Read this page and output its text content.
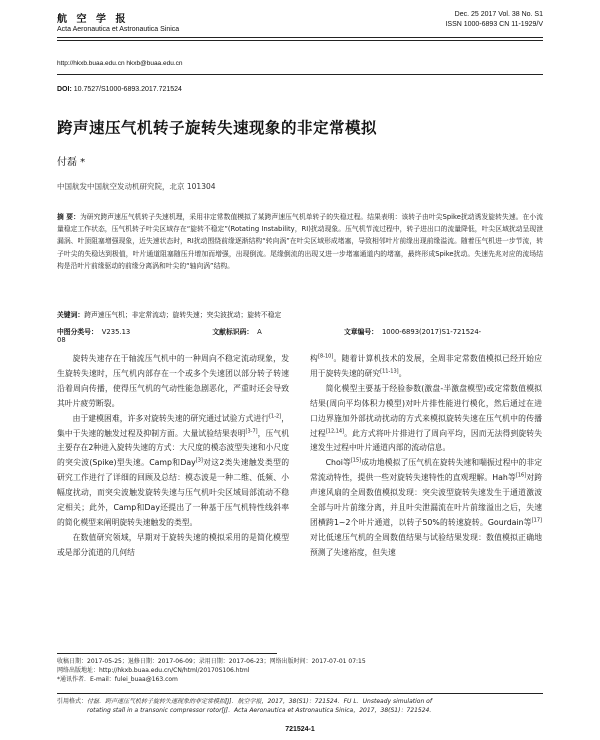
航 空 学 报
Acta Aeronautica et Astronautica Sinica
Dec. 25 2017 Vol. 38 No. S1
ISSN 1000-6893 CN 11-1929/V
http://hkxb.buaa.edu.cn hkxb@buaa.edu.cn
DOI: 10.7527/S1000-6893.2017.721524
跨声速压气机转子旋转失速现象的非定常模拟
付磊 *
中国航发中国航空发动机研究院，北京 101304
摘 要：为研究跨声速压气机转子失速机理，采用非定常数值模拟了某跨声速压气机单转子的失稳过程。结果表明：该转子由叶尖Spike扰动诱发旋转失速。在小流量稳定工作状态，压气机转子叶尖区域存在“旋转不稳定”(Rotating Instability，RI)扰动现象。压气机节流过程中，转子进出口的流量降低，叶尖区域扰动呈现泄漏涡、叶顶阻塞增强现象，近失速状态时，RI扰动围绕前缘逐渐结构“转向涡”在叶尖区域形成堵塞，导致相邻叶片前缘出现前缘溢流。随着压气机进一步节流，转子叶尖的失稳达到极值，叶片通道阻塞随压升增加而增强，出现倒流。尾缘倒流的出现又进一步堵塞通道内的堵塞，最终形成Spike扰动。失速先兆对应的流场结构是沿叶片前缘驱动的前缘分离涡和叶尖的“轴向涡”结构。
关键词：跨声速压气机；非定常流动；旋转失速；突尖波扰动；旋转不稳定
中图分类号： V235.13	文献标识码： A	文章编号： 1000-6893(2017)S1-721524-08

旋转失速存在于轴流压气机中的一种周向不稳定流动现象，发生旋转失速时，压气机内部存在一个或多个失速团以部分转子转速沿着周向传播，使得压气机的气动性能急剧恶化，严重时还会导致其叶片疲劳断裂。

由于建模困难，许多对旋转失速的研究通过试验方式进行[1-2]，集中于失速的触发过程及抑制方面。大量试验结果表明[3-7]，压气机主要存在2种进入旋转失速的方式：大尺度的模态波型失速和小尺度的突尖波(Spike)型失速。Camp和Day[3]对这2类失速触发类型的研究工作进行了详细的回顾及总结：模态波是一种二维、低频、小幅度扰动，而突尖波触发旋转失速与压气机叶尖区域局部流动不稳定相关；此外，Camp和Day还提出了一种基于压气机特性线斜率的简化模型来阐明旋转失速触发的类型。

在数值研究领域，早期对于旋转失速的模拟采用的是简化模型或是部分流道的几何结

构[8-10]。随着计算机技术的发展，全周非定常数值模拟已经开始应用于旋转失速的研究[11-13]。

简化模型主要基于经验参数(激盘-半激盘模型)或定常数值模拟结果(周向平均体积力模型)对叶片排性能进行模化，然后通过在进口边界施加外部扰动扰动的方式来模拟旋转失速在压气机中的传播过程[12,14]。此方式将叶片排进行了周向平均，因而无法得到旋转失速发生过程中叶片通道内部的流动信息。

Choi等[15]成功地模拟了压气机在旋转失速和喘振过程中的非定常流动特性，提供一些对旋转失速特性的直观理解。Hah等[16]对跨声速风扇的全周数值模拟发现：突尖波型旋转失速发生于通道激波全部与叶片前缘分离，并且叶尖泄漏流在叶片前缘溢出之后，失速团横跨1~2个叶片通道，以转子50%的转速旋转。Gourdain等[17]对比低速压气机的全周数值结果与试验结果发现：数值模拟正确地预测了失速裕度，但失速

收稿日期：2017-05-25；退修日期：2017-06-09；录用日期：2017-06-23；网络出版时间：2017-07-01 07:15
网络出版地址：http://hkxb.buaa.edu.cn/CN/html/20170S106.html
*通讯作者．E-mail：fulei_buaa@163.com
引用格式： 付磊．跨声速压气机转子旋转失速现象的非定常模拟[J]．航空学报，2017，38(S1)：721524．FU L．Unsteady simulation of
rotating stall in a transonic compressor rotor[J]．Acta Aeronautica et Astronautica Sinica，2017，38(S1)：721524.
721524-1
